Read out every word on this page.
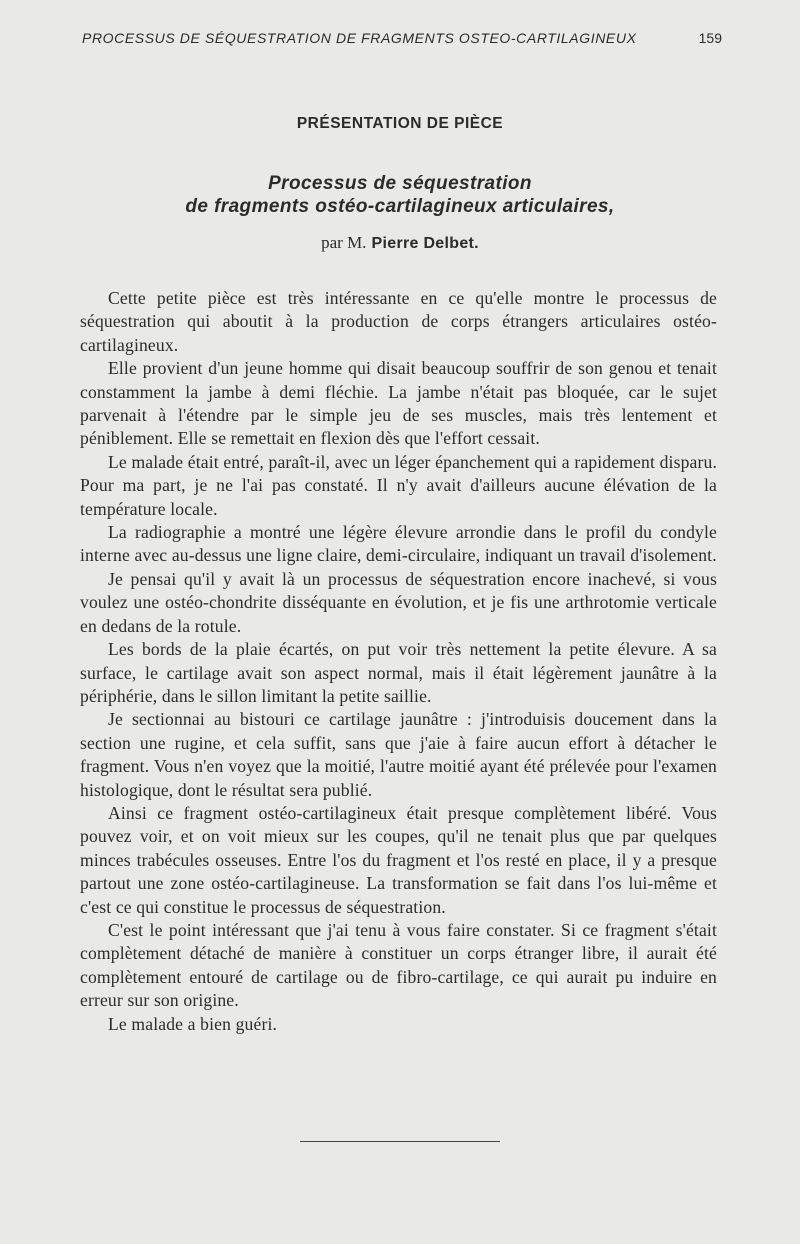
PROCESSUS DE SÉQUESTRATION DE FRAGMENTS OSTEO-CARTILAGINEUX	159
PRÉSENTATION DE PIÈCE
Processus de séquestration
de fragments ostéo-cartilagineux articulaires,
par M. Pierre Delbet.

Cette petite pièce est très intéressante en ce qu'elle montre le processus de séquestration qui aboutit à la production de corps étrangers articulaires ostéo-cartilagineux.

Elle provient d'un jeune homme qui disait beaucoup souffrir de son genou et tenait constamment la jambe à demi fléchie. La jambe n'était pas bloquée, car le sujet parvenait à l'étendre par le simple jeu de ses muscles, mais très lentement et péniblement. Elle se remettait en flexion dès que l'effort cessait.

Le malade était entré, paraît-il, avec un léger épanchement qui a rapidement disparu. Pour ma part, je ne l'ai pas constaté. Il n'y avait d'ailleurs aucune élévation de la température locale.

La radiographie a montré une légère élevure arrondie dans le profil du condyle interne avec au-dessus une ligne claire, demi-circulaire, indiquant un travail d'isolement.

Je pensai qu'il y avait là un processus de séquestration encore inachevé, si vous voulez une ostéo-chondrite disséquante en évolution, et je fis une arthrotomie verticale en dedans de la rotule.

Les bords de la plaie écartés, on put voir très nettement la petite élevure. A sa surface, le cartilage avait son aspect normal, mais il était légèrement jaunâtre à la périphérie, dans le sillon limitant la petite saillie.

Je sectionnai au bistouri ce cartilage jaunâtre : j'introduisis doucement dans la section une rugine, et cela suffit, sans que j'aie à faire aucun effort à détacher le fragment. Vous n'en voyez que la moitié, l'autre moitié ayant été prélevée pour l'examen histologique, dont le résultat sera publié.

Ainsi ce fragment ostéo-cartilagineux était presque complètement libéré. Vous pouvez voir, et on voit mieux sur les coupes, qu'il ne tenait plus que par quelques minces trabécules osseuses. Entre l'os du fragment et l'os resté en place, il y a presque partout une zone ostéo-cartilagineuse. La transformation se fait dans l'os lui-même et c'est ce qui constitue le processus de séquestration.

C'est le point intéressant que j'ai tenu à vous faire constater. Si ce fragment s'était complètement détaché de manière à constituer un corps étranger libre, il aurait été complètement entouré de cartilage ou de fibro-cartilage, ce qui aurait pu induire en erreur sur son origine.

Le malade a bien guéri.
